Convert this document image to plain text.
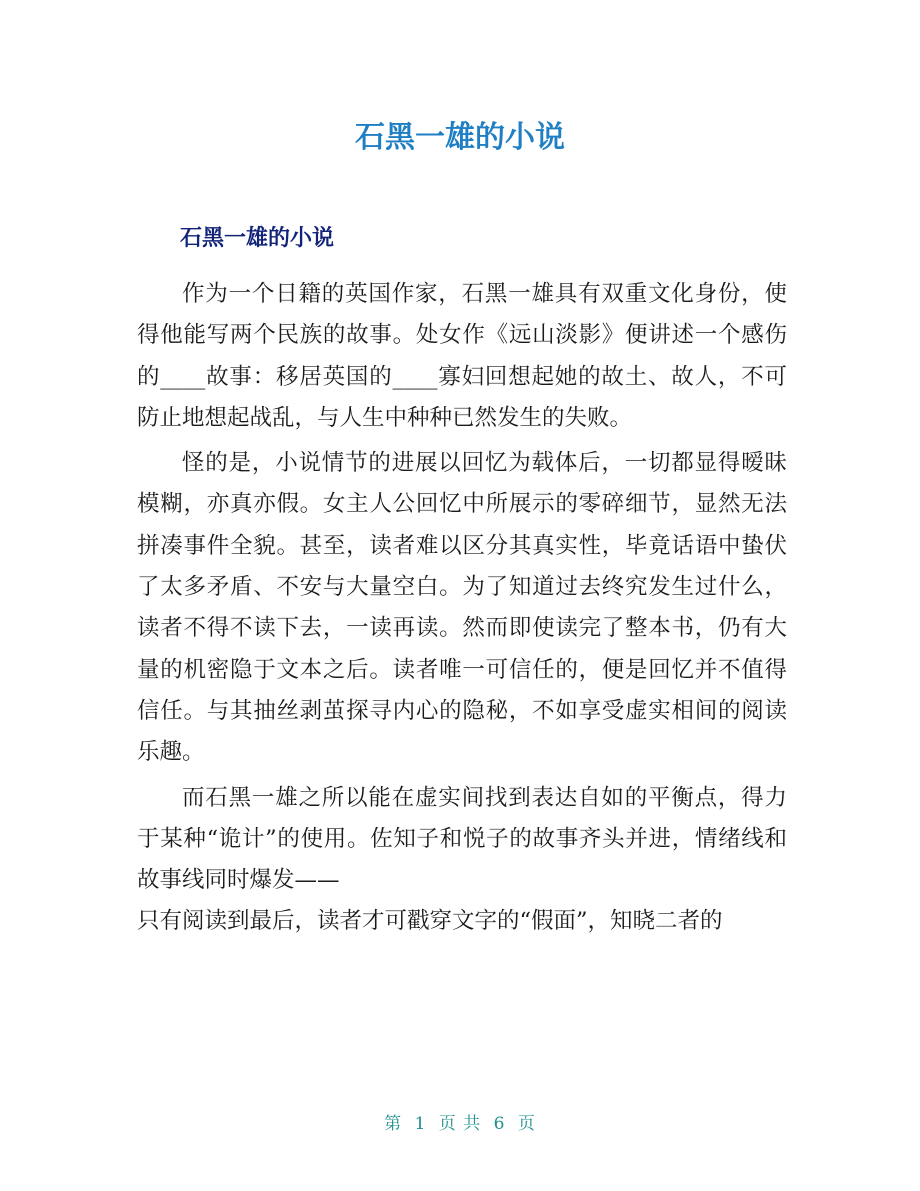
石黑一雄的小说
石黑一雄的小说

作为一个日籍的英国作家，石黑一雄具有双重文化身份，使得他能写两个民族的故事。处女作《远山淡影》便讲述一个感伤的____故事：移居英国的____寡妇回想起她的故土、故人，不可防止地想起战乱，与人生中种种已然发生的失败。

怪的是，小说情节的进展以回忆为载体后，一切都显得暧昧模糊，亦真亦假。女主人公回忆中所展示的零碎细节，显然无法拼凑事件全貌。甚至，读者难以区分其真实性，毕竟话语中蛰伏了太多矛盾、不安与大量空白。为了知道过去终究发生过什么，读者不得不读下去，一读再读。然而即使读完了整本书，仍有大量的机密隐于文本之后。读者唯一可信任的，便是回忆并不值得信任。与其抽丝剥茧探寻内心的隐秘，不如享受虚实相间的阅读乐趣。

而石黑一雄之所以能在虚实间找到表达自如的平衡点，得力于某种“诡计”的使用。佐知子和悦子的故事齐头并进，情绪线和故事线同时爆发——

只有阅读到最后，读者才可戳穿文字的“假面”，知晓二者的

第 1 页 共 6 页
